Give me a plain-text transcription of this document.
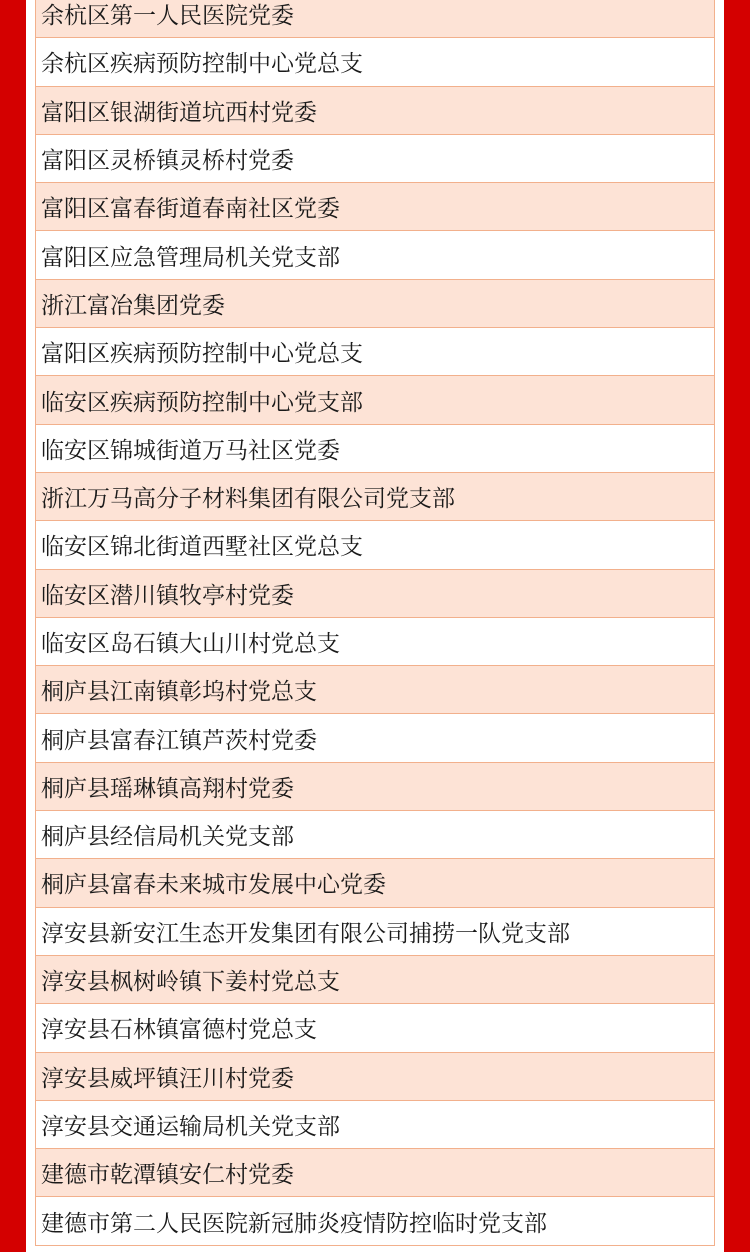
余杭区第一人民医院党委
余杭区疾病预防控制中心党总支
富阳区银湖街道坑西村党委
富阳区灵桥镇灵桥村党委
富阳区富春街道春南社区党委
富阳区应急管理局机关党支部
浙江富冶集团党委
富阳区疾病预防控制中心党总支
临安区疾病预防控制中心党支部
临安区锦城街道万马社区党委
浙江万马高分子材料集团有限公司党支部
临安区锦北街道西墅社区党总支
临安区潜川镇牧亭村党委
临安区岛石镇大山川村党总支
桐庐县江南镇彰坞村党总支
桐庐县富春江镇芦茨村党委
桐庐县瑶琳镇高翔村党委
桐庐县经信局机关党支部
桐庐县富春未来城市发展中心党委
淳安县新安江生态开发集团有限公司捕捞一队党支部
淳安县枫树岭镇下姜村党总支
淳安县石林镇富德村党总支
淳安县威坪镇汪川村党委
淳安县交通运输局机关党支部
建德市乾潭镇安仁村党委
建德市第二人民医院新冠肺炎疫情防控临时党支部
